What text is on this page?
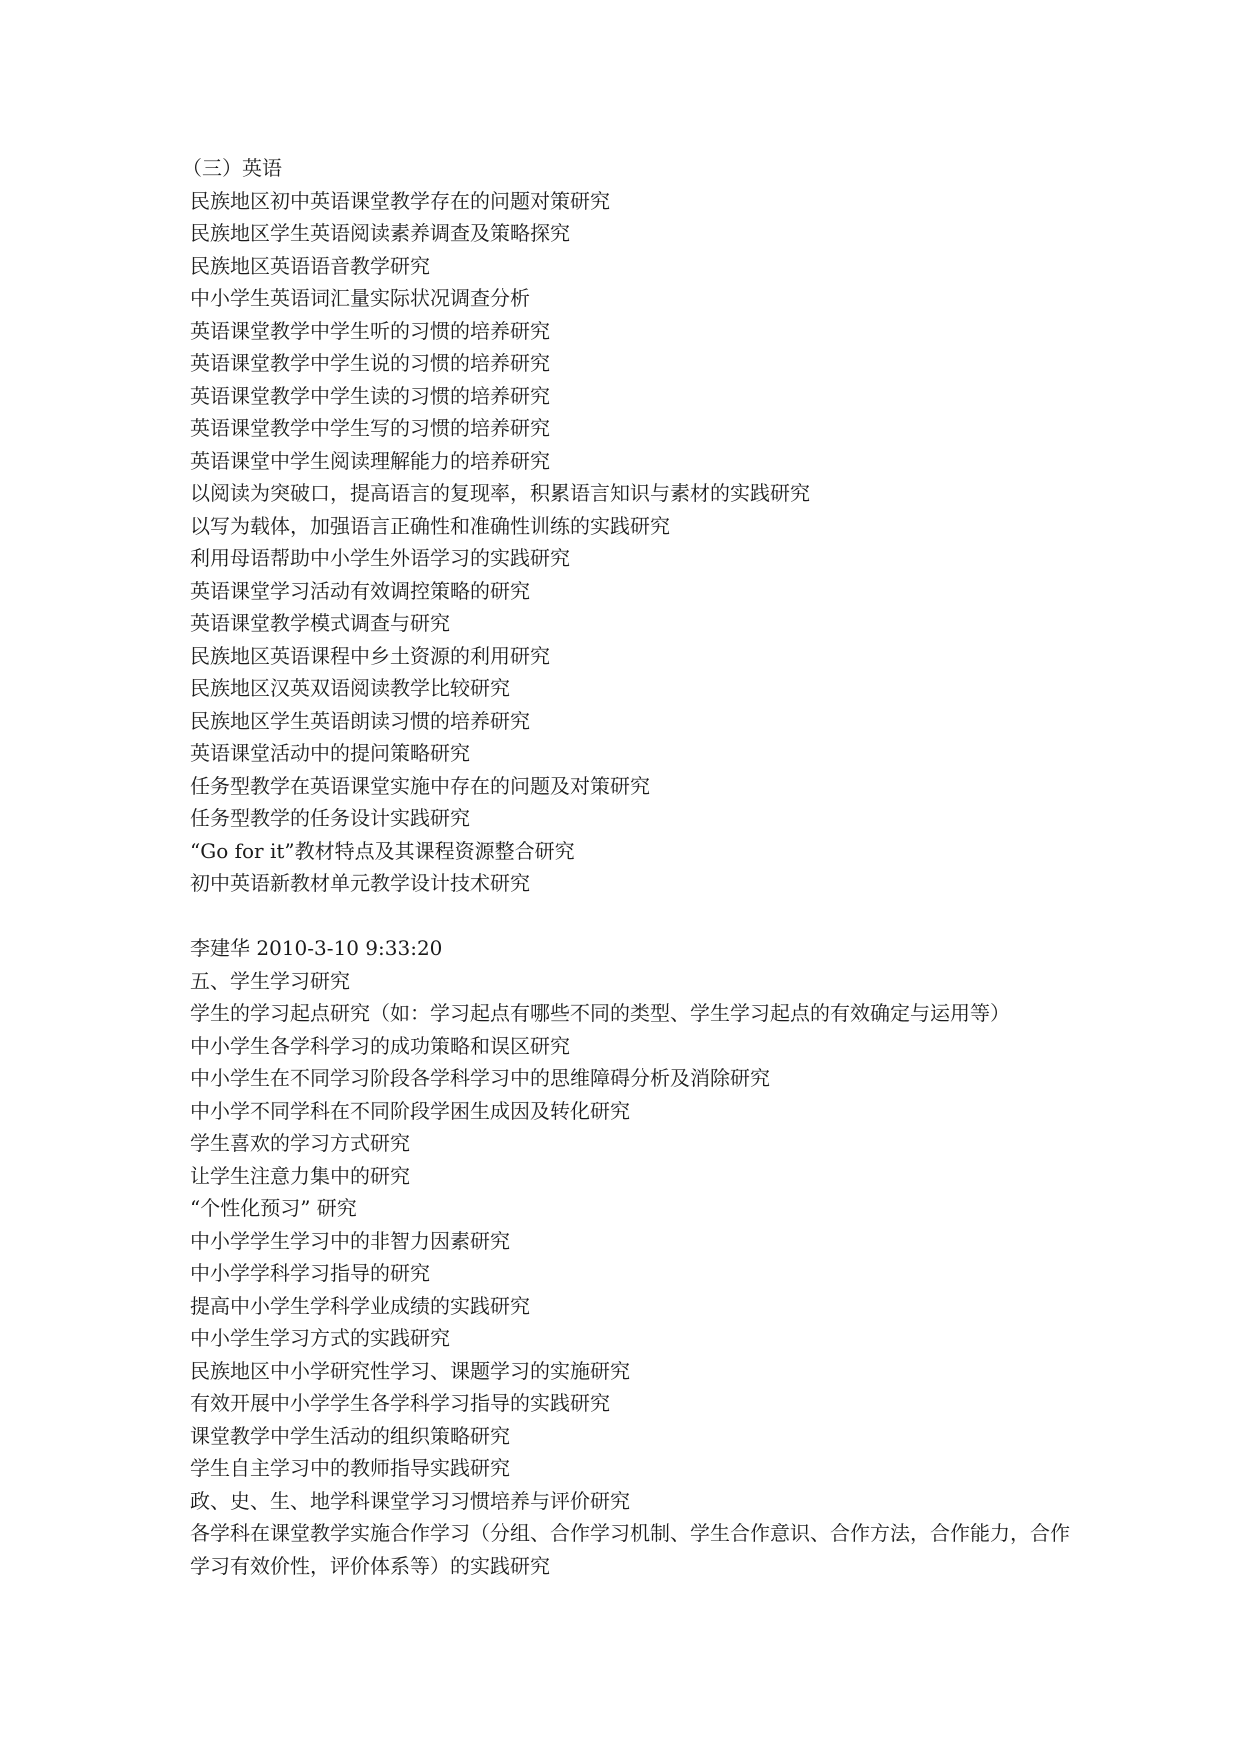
（三）英语
民族地区初中英语课堂教学存在的问题对策研究
民族地区学生英语阅读素养调查及策略探究
民族地区英语语音教学研究
中小学生英语词汇量实际状况调查分析
英语课堂教学中学生听的习惯的培养研究
英语课堂教学中学生说的习惯的培养研究
英语课堂教学中学生读的习惯的培养研究
英语课堂教学中学生写的习惯的培养研究
英语课堂中学生阅读理解能力的培养研究
以阅读为突破口，提高语言的复现率，积累语言知识与素材的实践研究
以写为载体，加强语言正确性和准确性训练的实践研究
利用母语帮助中小学生外语学习的实践研究
英语课堂学习活动有效调控策略的研究
英语课堂教学模式调查与研究
民族地区英语课程中乡土资源的利用研究
民族地区汉英双语阅读教学比较研究
民族地区学生英语朗读习惯的培养研究
英语课堂活动中的提问策略研究
任务型教学在英语课堂实施中存在的问题及对策研究
任务型教学的任务设计实践研究
“Go for it”教材特点及其课程资源整合研究
初中英语新教材单元教学设计技术研究
李建华 2010-3-10 9:33:20
五、学生学习研究
学生的学习起点研究（如：学习起点有哪些不同的类型、学生学习起点的有效确定与运用等）
中小学生各学科学习的成功策略和误区研究
中小学生在不同学习阶段各学科学习中的思维障碍分析及消除研究
中小学不同学科在不同阶段学困生成因及转化研究
学生喜欢的学习方式研究
让学生注意力集中的研究
“个性化预习” 研究
中小学学生学习中的非智力因素研究
中小学学科学习指导的研究
提高中小学生学科学业成绩的实践研究
中小学生学习方式的实践研究
民族地区中小学研究性学习、课题学习的实施研究
有效开展中小学学生各学科学习指导的实践研究
课堂教学中学生活动的组织策略研究
学生自主学习中的教师指导实践研究
政、史、生、地学科课堂学习习惯培养与评价研究
各学科在课堂教学实施合作学习（分组、合作学习机制、学生合作意识、合作方法，合作能力，合作学习有效价性，评价体系等）的实践研究
